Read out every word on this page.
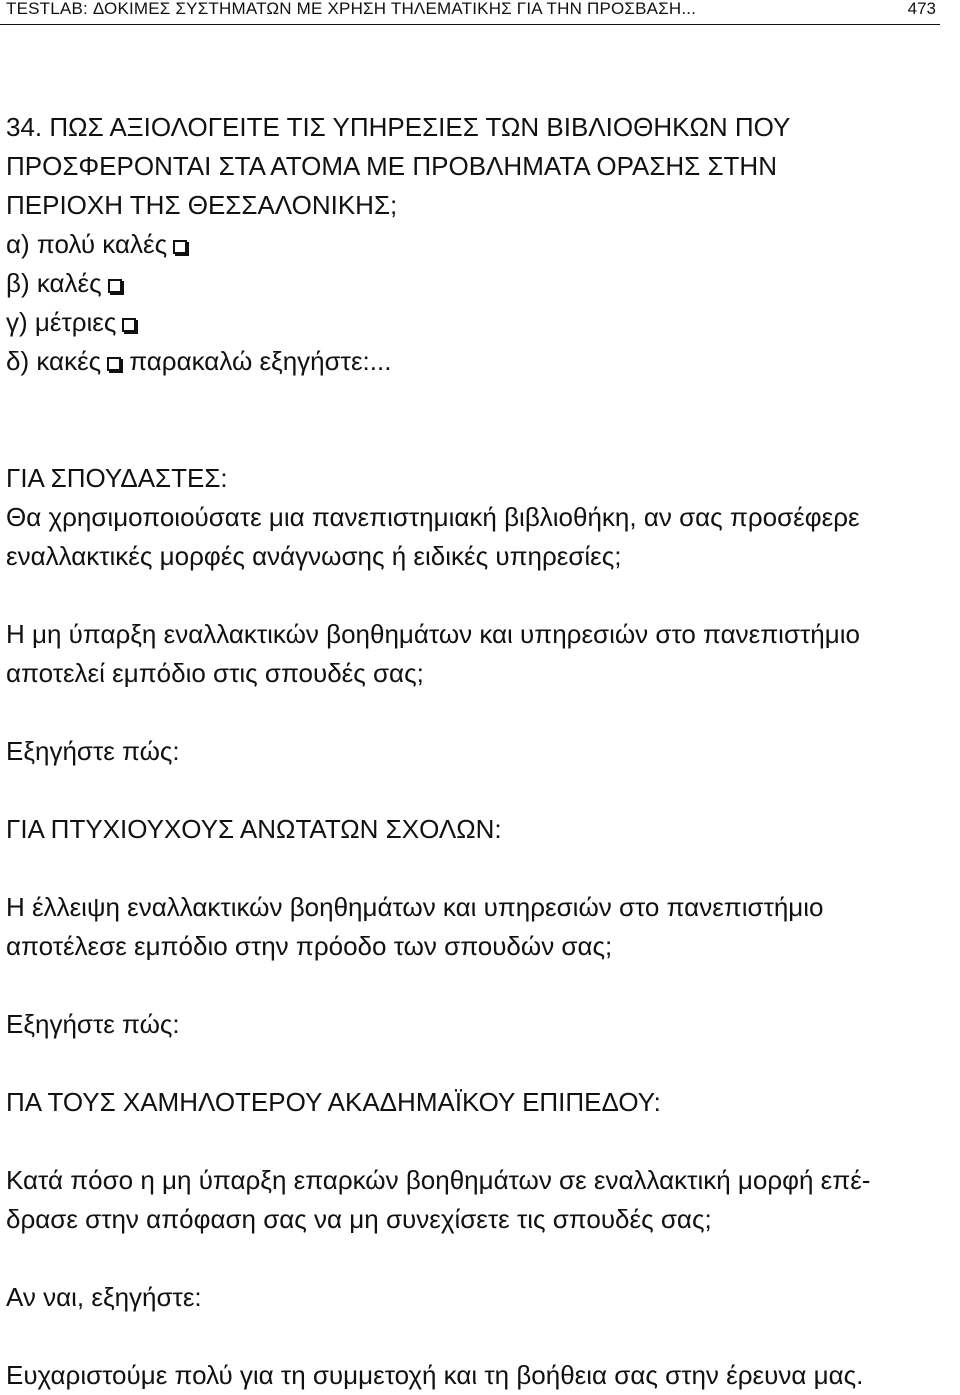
TESTLAB: ΔΟΚΙΜΕΣ ΣΥΣΤΗΜΑΤΩΝ ΜΕ ΧΡΗΣΗ ΤΗΛΕΜΑΤΙΚΗΣ ΓΙΑ ΤΗΝ ΠΡΟΣΒΑΣΗ...	473
34. ΠΩΣ ΑΞΙΟΛΟΓΕΙΤΕ ΤΙΣ ΥΠΗΡΕΣΙΕΣ ΤΩΝ ΒΙΒΛΙΟΘΗΚΩΝ ΠΟΥ
ΠΡΟΣΦΕΡΟΝΤΑΙ ΣΤΑ ΑΤΟΜΑ ΜΕ ΠΡΟΒΛΗΜΑΤΑ ΟΡΑΣΗΣ ΣΤΗΝ
ΠΕΡΙΟΧΗ ΤΗΣ ΘΕΣΣΑΛΟΝΙΚΗΣ;
α) πολύ καλές
β) καλές
γ) μέτριες
δ) κακές παρακαλώ εξηγήστε:...
ΓΙΑ ΣΠΟΥΔΑΣΤΕΣ:
Θα χρησιμοποιούσατε μια πανεπιστημιακή βιβλιοθήκη, αν σας προσέφερε
εναλλακτικές μορφές ανάγνωσης ή ειδικές υπηρεσίες;
Η μη ύπαρξη εναλλακτικών βοηθημάτων και υπηρεσιών στο πανεπιστήμιο
αποτελεί εμπόδιο στις σπουδές σας;
Εξηγήστε πώς:
ΓΙΑ ΠΤΥΧΙΟΥΧΟΥΣ ΑΝΩΤΑΤΩΝ ΣΧΟΛΩΝ:
Η έλλειψη εναλλακτικών βοηθημάτων και υπηρεσιών στο πανεπιστήμιο
αποτέλεσε εμπόδιο στην πρόοδο των σπουδών σας;
Εξηγήστε πώς:
ΠΑ ΤΟΥΣ ΧΑΜΗΛΟΤΕΡΟΥ ΑΚΑΔΗΜΑΪΚΟΥ ΕΠΙΠΕΔΟΥ:
Κατά πόσο η μη ύπαρξη επαρκών βοηθημάτων σε εναλλακτική μορφή επέ-
δρασε στην απόφαση σας να μη συνεχίσετε τις σπουδές σας;
Αν ναι, εξηγήστε:
Ευχαριστούμε πολύ για τη συμμετοχή και τη βοήθεια σας στην έρευνα μας.
